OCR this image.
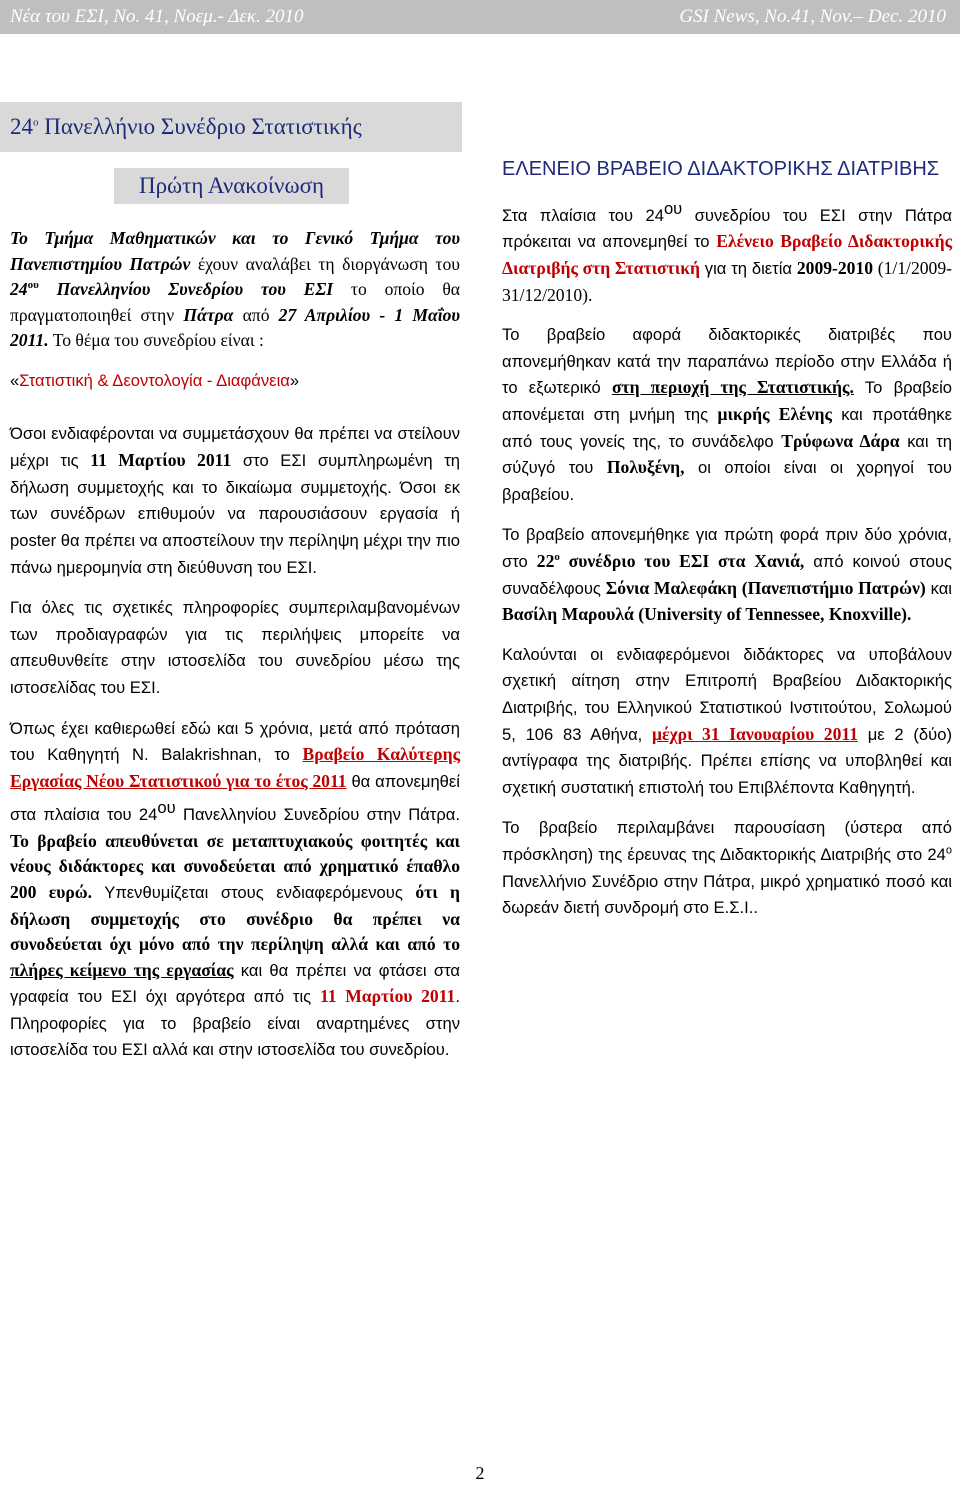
Νέα του ΕΣΙ, Νο. 41, Νοεμ.- Δεκ. 2010	GSI News, No.41, Nov.– Dec. 2010
$24^o$ Πανελλήνιο Συνέδριο Στατιστικής
Πρώτη Ανακοίνωση

Το Τμήμα Μαθηματικών και το Γενικό Τμήμα του Πανεπιστημίου Πατρών έχουν αναλάβει τη διοργάνωση του $24^{o\upsilon}$ Πανελληνίου Συνεδρίου του ΕΣΙ το οποίο θα πραγματοποιηθεί στην Πάτρα από 27 Απριλίου - 1 Μαΐου 2011. Το θέμα του συνεδρίου είναι :

«Στατιστική & Δεοντολογία - Διαφάνεια»

Όσοι ενδιαφέρονται να συμμετάσχουν θα πρέπει να στείλουν μέχρι τις 11 Μαρτίου 2011 στο ΕΣΙ συμπληρωμένη τη δήλωση συμμετοχής και το δικαίωμα συμμετοχής. Όσοι εκ των συνέδρων επιθυμούν να παρουσιάσουν εργασία ή poster θα πρέπει να αποστείλουν την περίληψη μέχρι την πιο πάνω ημερομηνία στη διεύθυνση του ΕΣΙ.

Για όλες τις σχετικές πληροφορίες συμπεριλαμβανομένων των προδιαγραφών για τις περιλήψεις μπορείτε να απευθυνθείτε στην ιστοσελίδα του συνεδρίου μέσω της ιστοσελίδας του ΕΣΙ.

Όπως έχει καθιερωθεί εδώ και 5 χρόνια, μετά από πρόταση του Καθηγητή Ν. Balakrishnan, το Βραβείο Καλύτερης Εργασίας Νέου Στατιστικού για το έτος 2011 θα απονεμηθεί στα πλαίσια του $24^{o\upsilon}$ Πανελληνίου Συνεδρίου στην Πάτρα. Το βραβείο απευθύνεται σε μεταπτυχιακούς φοιτητές και νέους διδάκτορες και συνοδεύεται από χρηματικό έπαθλο 200 ευρώ. Υπενθυμίζεται στους ενδιαφερόμενους ότι η δήλωση συμμετοχής στο συνέδριο θα πρέπει να συνοδεύεται όχι μόνο από την περίληψη αλλά και από το πλήρες κείμενο της εργασίας και θα πρέπει να φτάσει στα γραφεία του ΕΣΙ όχι αργότερα από τις 11 Μαρτίου 2011. Πληροφορίες για το βραβείο είναι αναρτημένες στην ιστοσελίδα του ΕΣΙ αλλά και στην ιστοσελίδα του συνεδρίου.

ΕΛΕΝΕΙΟ ΒΡΑΒΕΙΟ ΔΙΔΑΚΤΟΡΙΚΗΣ ΔΙΑΤΡΙΒΗΣ

Στα πλαίσια του $24^{o\upsilon}$ συνεδρίου του ΕΣΙ στην Πάτρα πρόκειται να απονεμηθεί το Ελένειο Βραβείο Διδακτορικής Διατριβής στη Στατιστική για τη διετία 2009-2010 (1/1/2009-31/12/2010).

Το βραβείο αφορά διδακτορικές διατριβές που απονεμήθηκαν κατά την παραπάνω περίοδο στην Ελλάδα ή το εξωτερικό στη περιοχή της Στατιστικής. Το βραβείο απονέμεται στη μνήμη της μικρής Ελένης και προτάθηκε από τους γονείς της, το συνάδελφο Τρύφωνα Δάρα και τη σύζυγό του Πολυξένη, οι οποίοι είναι οι χορηγοί του βραβείου.

Το βραβείο απονεμήθηκε για πρώτη φορά πριν δύο χρόνια, στο $22^o$ συνέδριο του ΕΣΙ στα Χανιά, από κοινού στους συναδέλφους Σόνια Μαλεφάκη (Πανεπιστήμιο Πατρών) και Βασίλη Μαρουλά (University of Tennessee, Knoxville).

Καλούνται οι ενδιαφερόμενοι διδάκτορες να υποβάλουν σχετική αίτηση στην Επιτροπή Βραβείου Διδακτορικής Διατριβής, του Ελληνικού Στατιστικού Ινστιτούτου, Σολωμού 5, 106 83 Αθήνα, μέχρι 31 Ιανουαρίου 2011 με 2 (δύο) αντίγραφα της διατριβής. Πρέπει επίσης να υποβληθεί και σχετική συστατική επιστολή του Επιβλέποντα Καθηγητή.

Το βραβείο περιλαμβάνει παρουσίαση (ύστερα από πρόσκληση) της έρευνας της Διδακτορικής Διατριβής στο $24^o$ Πανελλήνιο Συνέδριο στην Πάτρα, μικρό χρηματικό ποσό και δωρεάν διετή συνδρομή στο Ε.Σ.Ι..

2
